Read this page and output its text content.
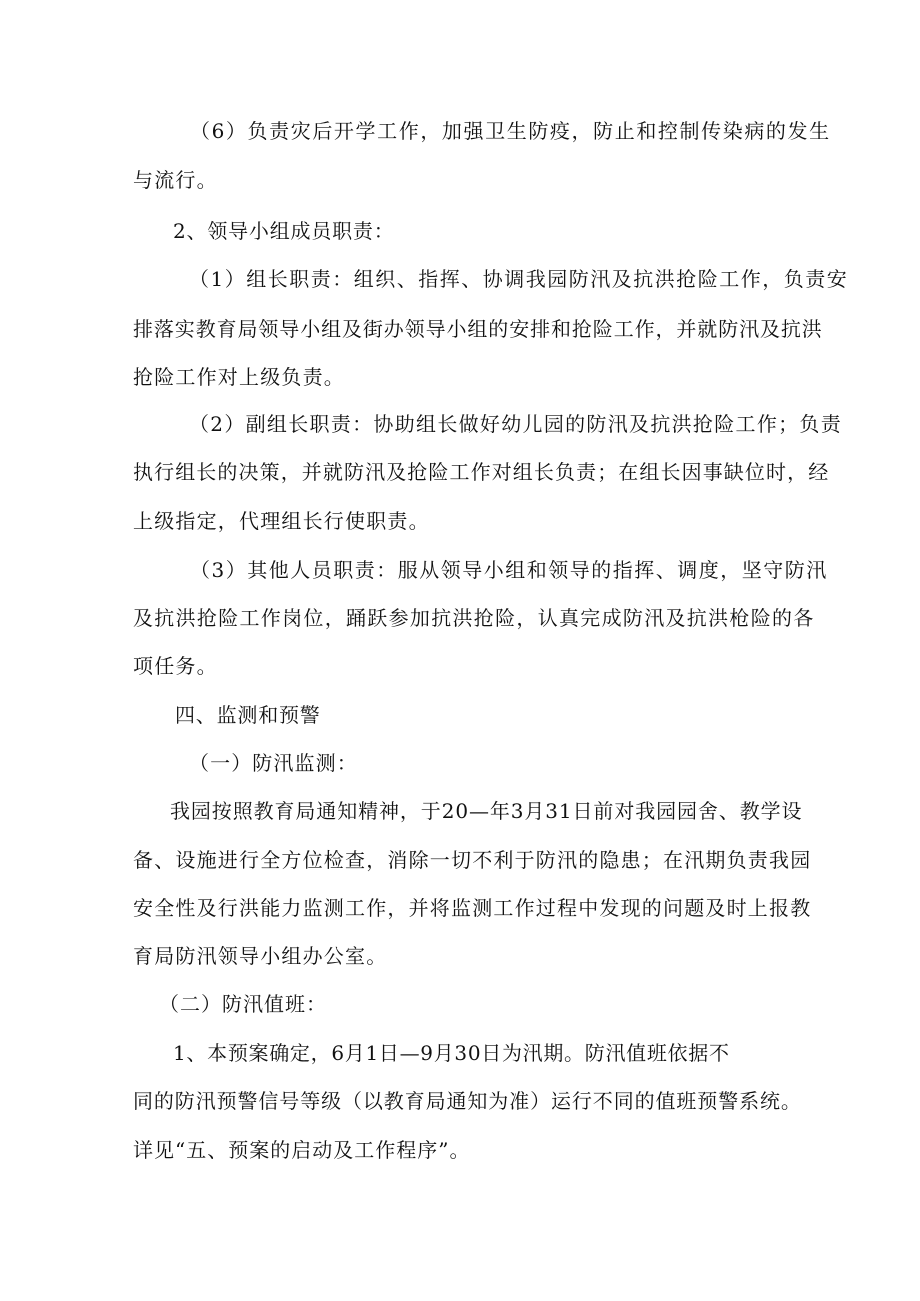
（6）负责灾后开学工作，加强卫生防疫，防止和控制传染病的发生
与流行。
2、领导小组成员职责：
（1）组长职责：组织、指挥、协调我园防汛及抗洪抢险工作，负责安
排落实教育局领导小组及街办领导小组的安排和抢险工作，并就防汛及抗洪
抢险工作对上级负责。
（2）副组长职责：协助组长做好幼儿园的防汛及抗洪抢险工作；负责
执行组长的决策，并就防汛及抢险工作对组长负责；在组长因事缺位时，经
上级指定，代理组长行使职责。
（3）其他人员职责：服从领导小组和领导的指挥、调度，坚守防汛
及抗洪抢险工作岗位，踊跃参加抗洪抢险，认真完成防汛及抗洪枪险的各
项任务。
四、监测和预警
（一）防汛监测：
我园按照教育局通知精神，于20—年3月31日前对我园园舍、教学设
备、设施进行全方位检查，消除一切不利于防汛的隐患；在汛期负责我园
安全性及行洪能力监测工作，并将监测工作过程中发现的问题及时上报教
育局防汛领导小组办公室。
（二）防汛值班：
1、本预案确定，6月1日—9月30日为汛期。防汛值班依据不
同的防汛预警信号等级（以教育局通知为准）运行不同的值班预警系统。
详见“五、预案的启动及工作程序”。
